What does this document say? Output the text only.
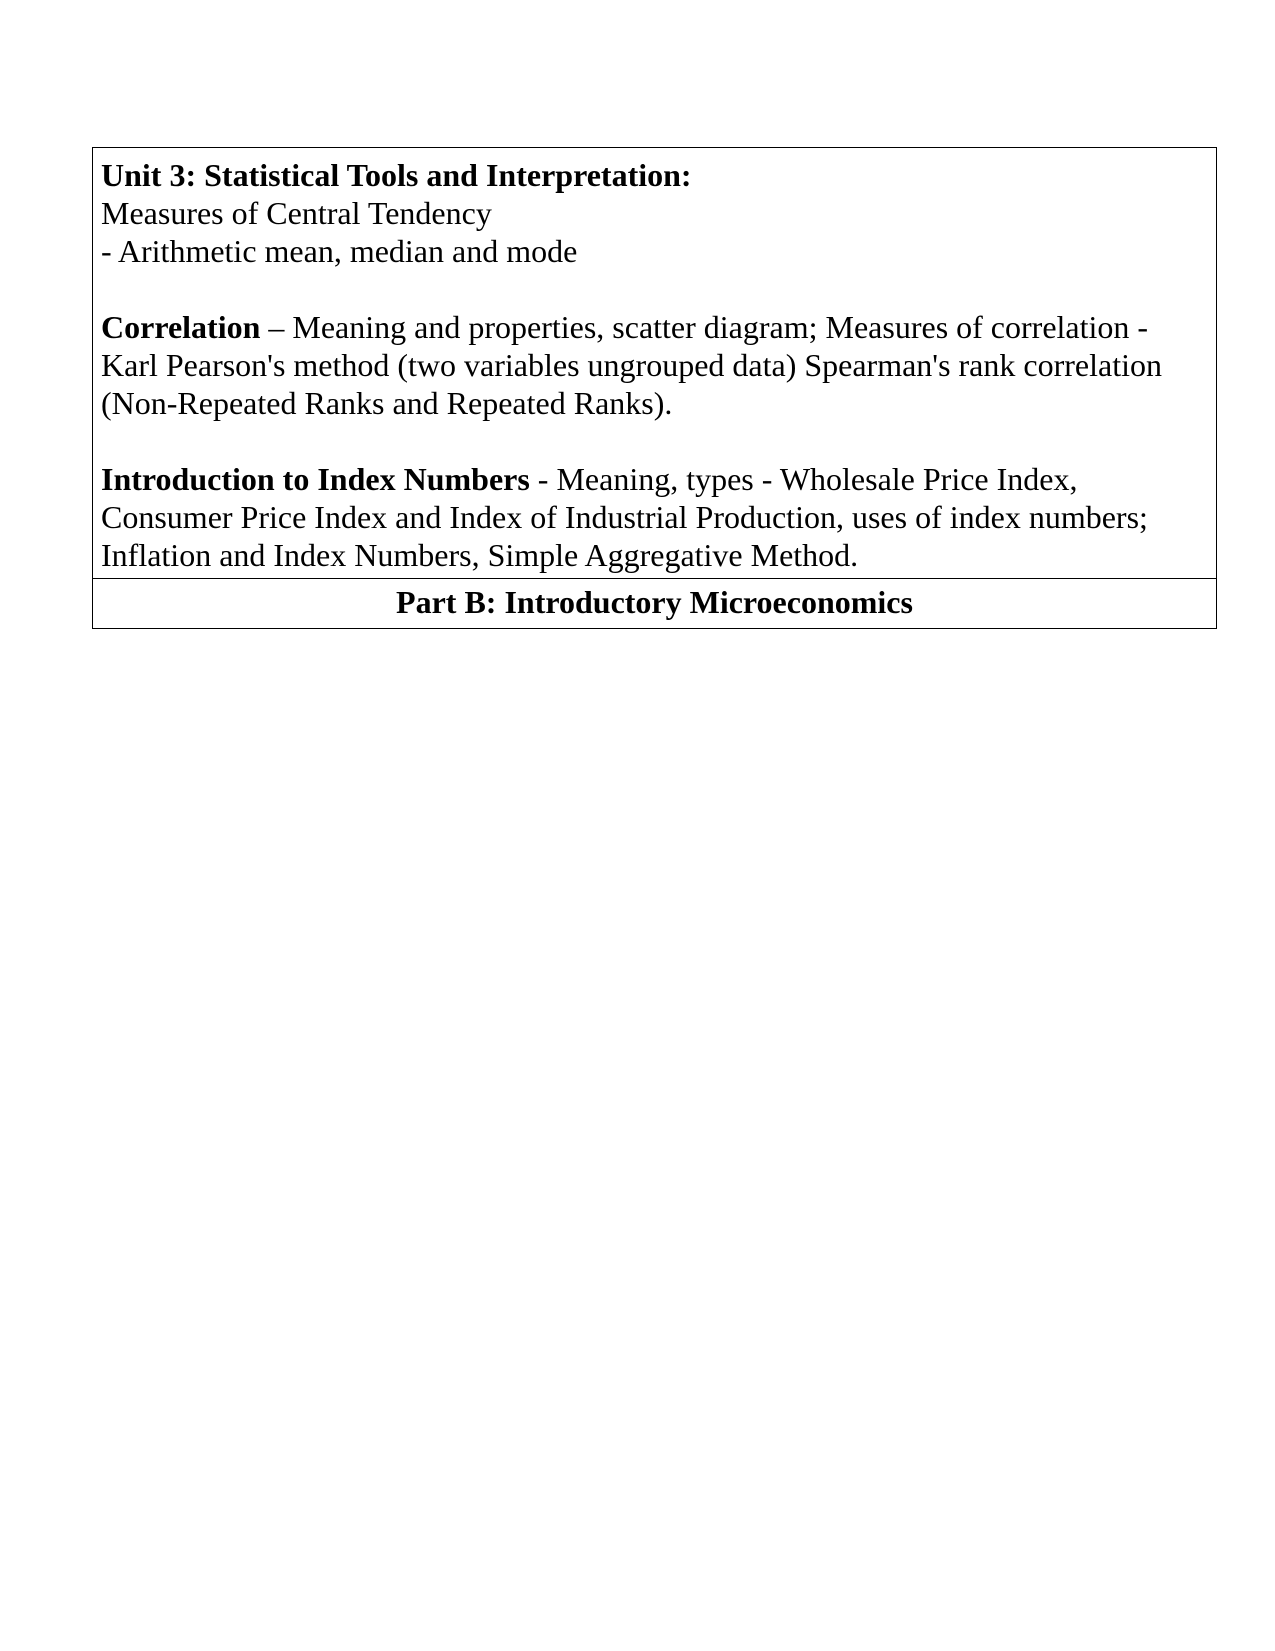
Unit 3: Statistical Tools and Interpretation:
Measures of Central Tendency
- Arithmetic mean, median and mode
Correlation – Meaning and properties, scatter diagram; Measures of correlation - Karl Pearson's method (two variables ungrouped data) Spearman's rank correlation (Non-Repeated Ranks and Repeated Ranks).
Introduction to Index Numbers - Meaning, types - Wholesale Price Index, Consumer Price Index and Index of Industrial Production, uses of index numbers; Inflation and Index Numbers, Simple Aggregative Method.
Part B: Introductory Microeconomics
